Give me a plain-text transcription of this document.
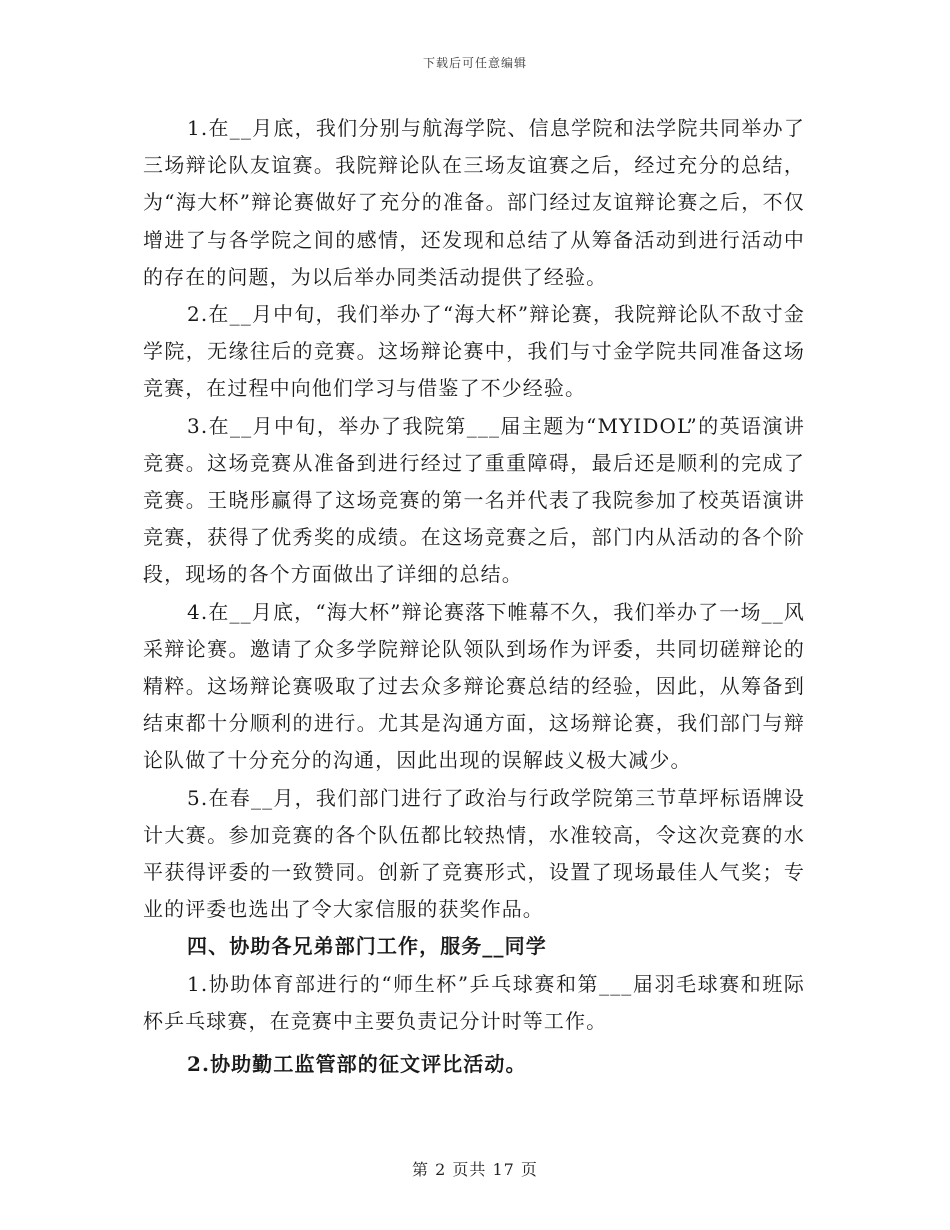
下载后可任意编辑

1.在__月底，我们分别与航海学院、信息学院和法学院共同举办了三场辩论队友谊赛。我院辩论队在三场友谊赛之后，经过充分的总结，为“海大杯”辩论赛做好了充分的准备。部门经过友谊辩论赛之后，不仅增进了与各学院之间的感情，还发现和总结了从筹备活动到进行活动中的存在的问题，为以后举办同类活动提供了经验。

2.在__月中旬，我们举办了“海大杯”辩论赛，我院辩论队不敌寸金学院，无缘往后的竞赛。这场辩论赛中，我们与寸金学院共同准备这场竞赛，在过程中向他们学习与借鉴了不少经验。

3.在__月中旬，举办了我院第___届主题为“MYIDOL”的英语演讲竞赛。这场竞赛从准备到进行经过了重重障碍，最后还是顺利的完成了竞赛。王晓彤赢得了这场竞赛的第一名并代表了我院参加了校英语演讲竞赛，获得了优秀奖的成绩。在这场竞赛之后，部门内从活动的各个阶段，现场的各个方面做出了详细的总结。

4.在__月底，“海大杯”辩论赛落下帷幕不久，我们举办了一场__风采辩论赛。邀请了众多学院辩论队领队到场作为评委，共同切磋辩论的精粹。这场辩论赛吸取了过去众多辩论赛总结的经验，因此，从筹备到结束都十分顺利的进行。尤其是沟通方面，这场辩论赛，我们部门与辩论队做了十分充分的沟通，因此出现的误解歧义极大减少。

5.在春__月，我们部门进行了政治与行政学院第三节草坪标语牌设计大赛。参加竞赛的各个队伍都比较热情，水准较高，令这次竞赛的水平获得评委的一致赞同。创新了竞赛形式，设置了现场最佳人气奖；专业的评委也选出了令大家信服的获奖作品。

四、协助各兄弟部门工作，服务__同学

1.协助体育部进行的“师生杯”乒乓球赛和第___届羽毛球赛和班际杯乒乓球赛，在竞赛中主要负责记分计时等工作。

2.协助勤工监管部的征文评比活动。

第 2 页共 17 页
